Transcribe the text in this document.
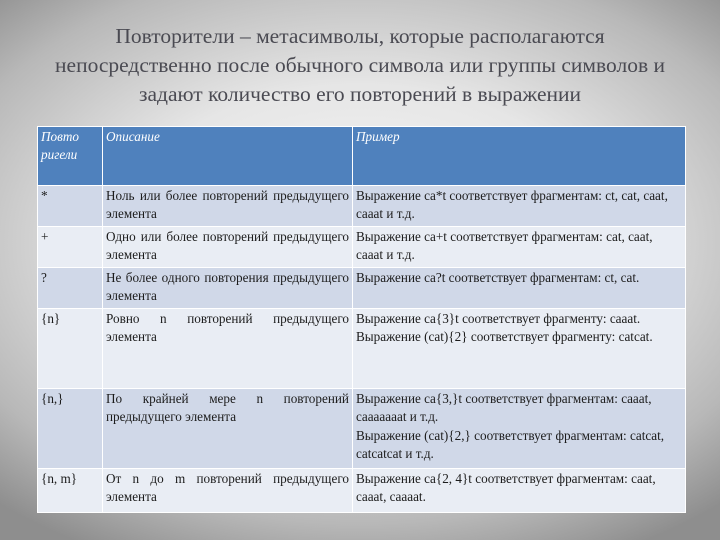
Повторители – метасимволы, которые располагаются непосредственно после обычного символа или группы символов и задают количество его повторений в выражении
Повто ригели	Описание	Пример
*	Ноль или более повторений предыдущего элемента	Выражение ca*t соответствует фрагментам: ct, cat, caat, caaat и т.д.

+	Одно или более повторений предыдущего элемента	Выражение ca+t соответствует фрагментам: cat, caat, caaat и т.д.

?	Не более одного повторения предыдущего элемента	Выражение ca?t соответствует фрагментам: ct, cat.

{n}	Ровно n повторений предыдущего элемента	Выражение ca{3}t соответствует фрагменту: caaat.
Выражение (cat){2} соответствует фрагменту: catcat.

{n,}	По крайней мере n повторений предыдущего элемента	Выражение ca{3,}t соответствует фрагментам: caaat, caaaaaaat и т.д.
Выражение (cat){2,} соответствует фрагментам: catcat, catcatcat и т.д.

{n, m}	От n до m повторений предыдущего элемента	Выражение ca{2, 4}t соответствует фрагментам: caat, caaat, caaaat.
